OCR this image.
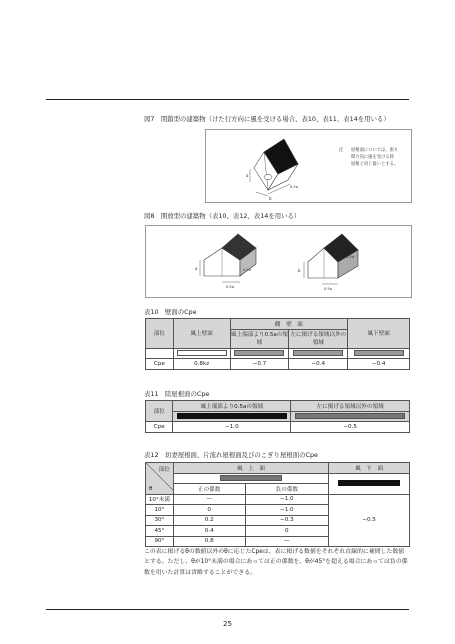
図7　閉鎖型の建築物（けた行方向に風を受ける場合、表10、表11、表14を用いる）
a
b
0.5a
注 屋根面については、張り
間方向に風を受ける陸
屋根と同じ扱いとする。
図8　開放型の建築物（表10、表12、表14を用いる）
a
0.5a
0.5a	b
0.5a
0.5a
表10　壁面のCpe
部位	風上壁面	側　壁　面		風下壁面
		風上端部より0.5aの領域	左に掲げる領域以外の領域	

Cpe	0.8kz	−0.7	−0.4	−0.4
表11　陸屋根面のCpe
部位	風上端部より0.5aの領域	左に掲げる領域以外の領域

Cpe	−1.0	−0.5
表12　切妻屋根面、片流れ屋根面及びのこぎり屋根面のCpe
部位
θ	風　上　面		風　下　面

	正の係数	負の係数	
10°未満	—	−1.0	−0.5
10°	0	−1.0	
30°	0.2	−0.3	
45°	0.4	0	
90°	0.8	—	
この表に掲げるθの数値以外のθに応じたCpeは、表に掲げる数値をそれぞれ直線的に補間した数値とする。ただし、θが10°未満の場合にあっては正の係数を、θが45°を超える場合にあっては負の係数を用いた計算は省略することができる。
25
